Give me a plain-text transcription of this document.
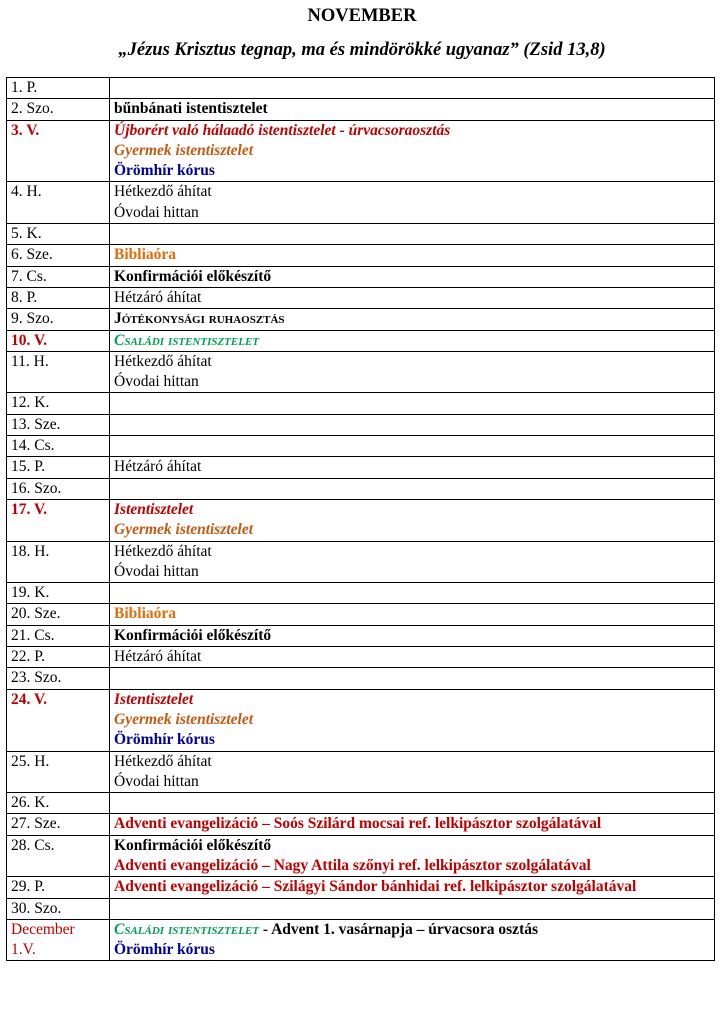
NOVEMBER
„Jézus Krisztus tegnap, ma és mindörökké ugyanaz” (Zsid 13,8)
1. P.	
2. Szo.	bűnbánati istentisztelet

3. V.	Újborért való hálaadó istentisztelet - úrvacsoraosztás
Gyermek istentisztelet
Örömhír kórus

4. H.	Hétkezdő áhítat
Óvodai hittan

5. K.	
6. Sze.	Bibliaóra

7. Cs.	Konfirmációi előkészítő

8. P.	Hétzáró áhítat

9. Szo.	Jótékonysági ruhaosztás

10. V.	Családi istentisztelet

11. H.	Hétkezdő áhítat
Óvodai hittan

12. K.	
13. Sze.	
14. Cs.	
15. P.	Hétzáró áhítat

16. Szo.	
17. V.	Istentisztelet
Gyermek istentisztelet

18. H.	Hétkezdő áhítat
Óvodai hittan

19. K.	
20. Sze.	Bibliaóra

21. Cs.	Konfirmációi előkészítő

22. P.	Hétzáró áhítat

23. Szo.	
24. V.	Istentisztelet
Gyermek istentisztelet
Örömhír kórus

25. H.	Hétkezdő áhítat
Óvodai hittan

26. K.	
27. Sze.	Adventi evangelizáció – Soós Szilárd mocsai ref. lelkipásztor szolgálatával

28. Cs.	Konfirmációi előkészítő
Adventi evangelizáció – Nagy Attila szőnyi ref. lelkipásztor szolgálatával

29. P.	Adventi evangelizáció – Szilágyi Sándor bánhidai ref. lelkipásztor szolgálatával

30. Szo.	

December 1.V.	Családi istentisztelet - Advent 1. vasárnapja – úrvacsora osztás
Örömhír kórus
